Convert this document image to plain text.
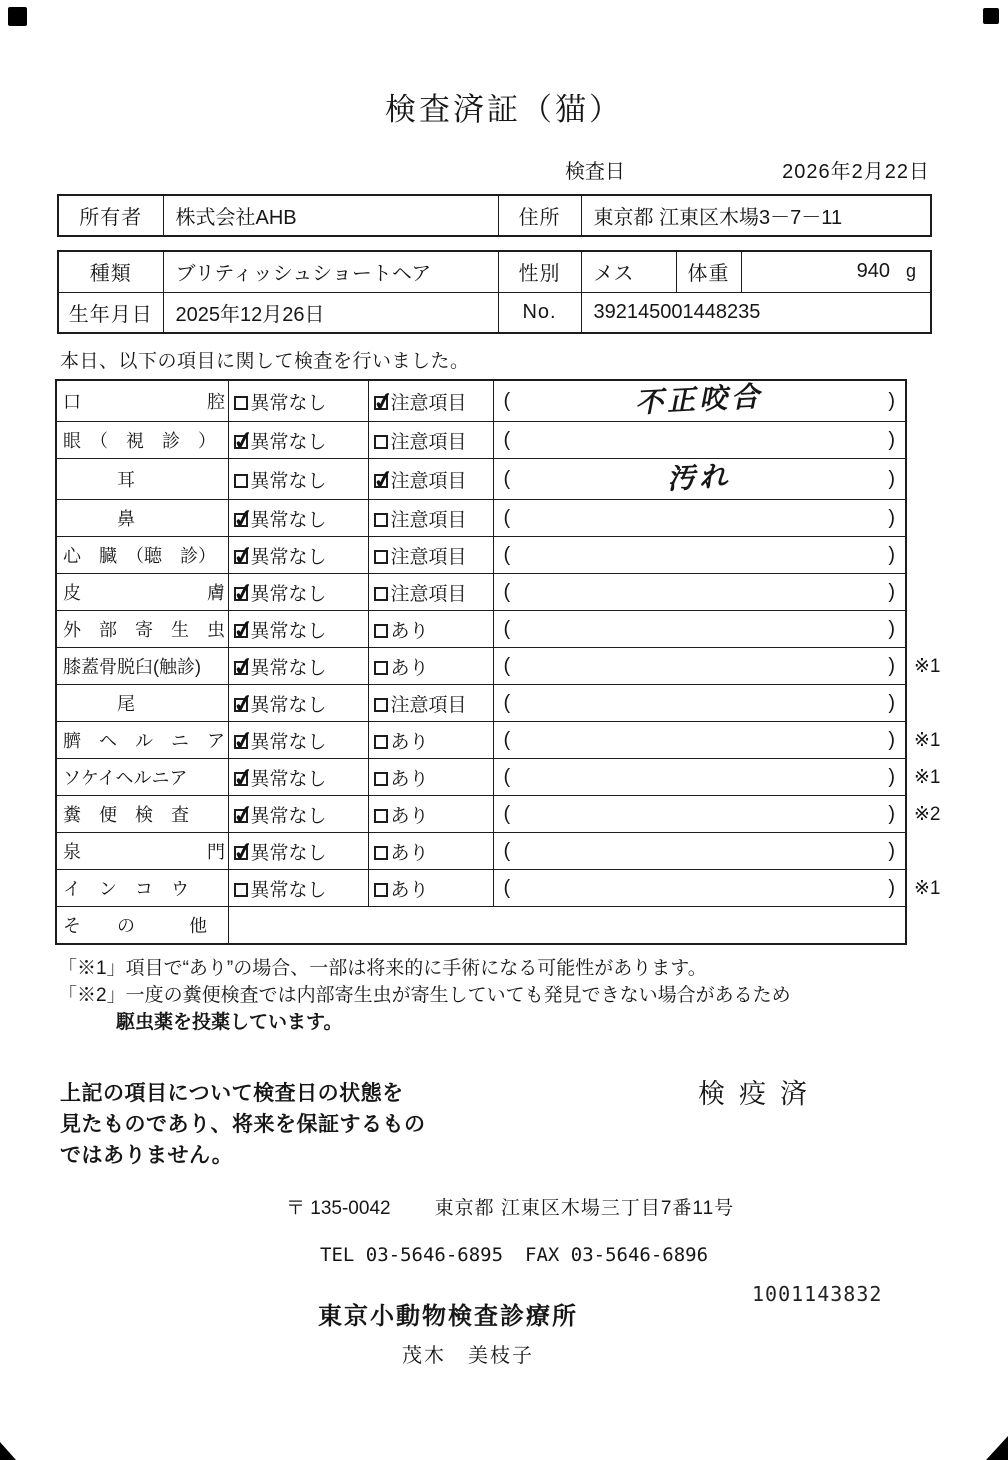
検査済証（猫）
検査日	2026年2月22日
所有者	株式会社AHB	住所	東京都 江東区木場3－7－11
種類	ブリティッシュショートヘア	性別	メス	体重	940 g

生年月日	2025年12月26日	No.	392145001448235		

本日、以下の項目に関して検査を行いました。

口　　　　　　　腔	異常なし	✓注意項目	( 不正咬合 )	

眼　（　視　診　）	✓異常なし	注意項目	( )	

　　　耳	異常なし	✓注意項目	( 汚れ )	

　　　鼻	✓異常なし	注意項目	( )	

心　臓　（聴　診）	✓異常なし	注意項目	( )	

皮　　　　　　　膚	✓異常なし	注意項目	( )	

外　部　寄　生　虫	✓異常なし	あり	( )	

膝蓋骨脱臼(触診)	✓異常なし	あり	( )	※1
　　　尾	✓異常なし	注意項目	( )	

臍　ヘ　ル　ニ　ア	✓異常なし	あり	( )	※1
ソケイヘルニア	✓異常なし	あり	( )	※1
糞　便　検　査	✓異常なし	あり	( )	※2
泉　　　　　　　門	✓異常なし	あり	( )	

イ　ン　コ　ウ	異常なし	あり	( )	※1
そ　　の　　　他				
「※1」項目で“あり”の場合、一部は将来的に手術になる可能性があります。
「※2」一度の糞便検査では内部寄生虫が寄生していても発見できない場合があるため
駆虫薬を投薬しています。
上記の項目について検査日の状態を
見たものであり、将来を保証するもの
ではありません。
検疫済
〒 135-0042 東京都 江東区木場三丁目7番11号
TEL 03-5646-6895 FAX 03-5646-6896
東京小動物検査診療所
茂木　美枝子
1001143832
